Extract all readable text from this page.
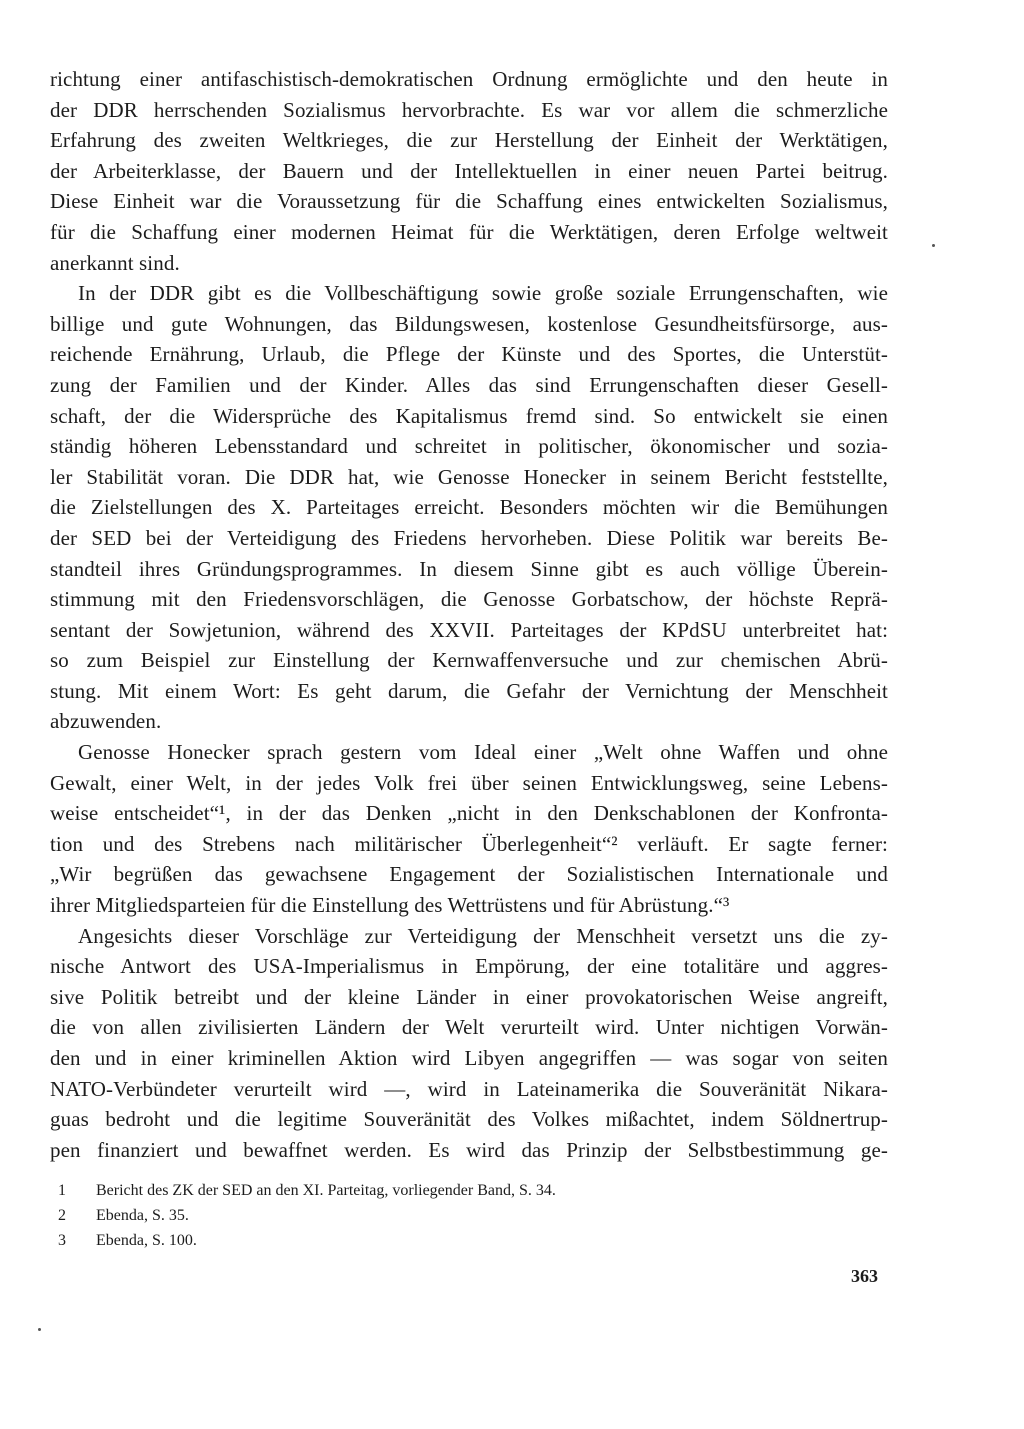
richtung einer antifaschistisch-demokratischen Ordnung ermöglichte und den heute in
der DDR herrschenden Sozialismus hervorbrachte. Es war vor allem die schmerzliche
Erfahrung des zweiten Weltkrieges, die zur Herstellung der Einheit der Werktätigen,
der Arbeiterklasse, der Bauern und der Intellektuellen in einer neuen Partei beitrug.
Diese Einheit war die Voraussetzung für die Schaffung eines entwickelten Sozialismus,
für die Schaffung einer modernen Heimat für die Werktätigen, deren Erfolge weltweit
anerkannt sind.
In der DDR gibt es die Vollbeschäftigung sowie große soziale Errungenschaften, wie
billige und gute Wohnungen, das Bildungswesen, kostenlose Gesundheitsfürsorge, aus-
reichende Ernährung, Urlaub, die Pflege der Künste und des Sportes, die Unterstüt-
zung der Familien und der Kinder. Alles das sind Errungenschaften dieser Gesell-
schaft, der die Widersprüche des Kapitalismus fremd sind. So entwickelt sie einen
ständig höheren Lebensstandard und schreitet in politischer, ökonomischer und sozia-
ler Stabilität voran. Die DDR hat, wie Genosse Honecker in seinem Bericht feststellte,
die Zielstellungen des X. Parteitages erreicht. Besonders möchten wir die Bemühungen
der SED bei der Verteidigung des Friedens hervorheben. Diese Politik war bereits Be-
standteil ihres Gründungsprogrammes. In diesem Sinne gibt es auch völlige Überein-
stimmung mit den Friedensvorschlägen, die Genosse Gorbatschow, der höchste Reprä-
sentant der Sowjetunion, während des XXVII. Parteitages der KPdSU unterbreitet hat:
so zum Beispiel zur Einstellung der Kernwaffenversuche und zur chemischen Abrü-
stung. Mit einem Wort: Es geht darum, die Gefahr der Vernichtung der Menschheit
abzuwenden.
Genosse Honecker sprach gestern vom Ideal einer „Welt ohne Waffen und ohne
Gewalt, einer Welt, in der jedes Volk frei über seinen Entwicklungsweg, seine Lebens-
weise entscheidet“¹, in der das Denken „nicht in den Denkschablonen der Konfronta-
tion und des Strebens nach militärischer Überlegenheit“² verläuft. Er sagte ferner:
„Wir begrüßen das gewachsene Engagement der Sozialistischen Internationale und
ihrer Mitgliedsparteien für die Einstellung des Wettrüstens und für Abrüstung.“³
Angesichts dieser Vorschläge zur Verteidigung der Menschheit versetzt uns die zy-
nische Antwort des USA-Imperialismus in Empörung, der eine totalitäre und aggres-
sive Politik betreibt und der kleine Länder in einer provokatorischen Weise angreift,
die von allen zivilisierten Ländern der Welt verurteilt wird. Unter nichtigen Vorwän-
den und in einer kriminellen Aktion wird Libyen angegriffen — was sogar von seiten
NATO-Verbündeter verurteilt wird —, wird in Lateinamerika die Souveränität Nikara-
guas bedroht und die legitime Souveränität des Volkes mißachtet, indem Söldnertrup-
pen finanziert und bewaffnet werden. Es wird das Prinzip der Selbstbestimmung ge-
1	Bericht des ZK der SED an den XI. Parteitag, vorliegender Band, S. 34.
2	Ebenda, S. 35.
3	Ebenda, S. 100.
363
